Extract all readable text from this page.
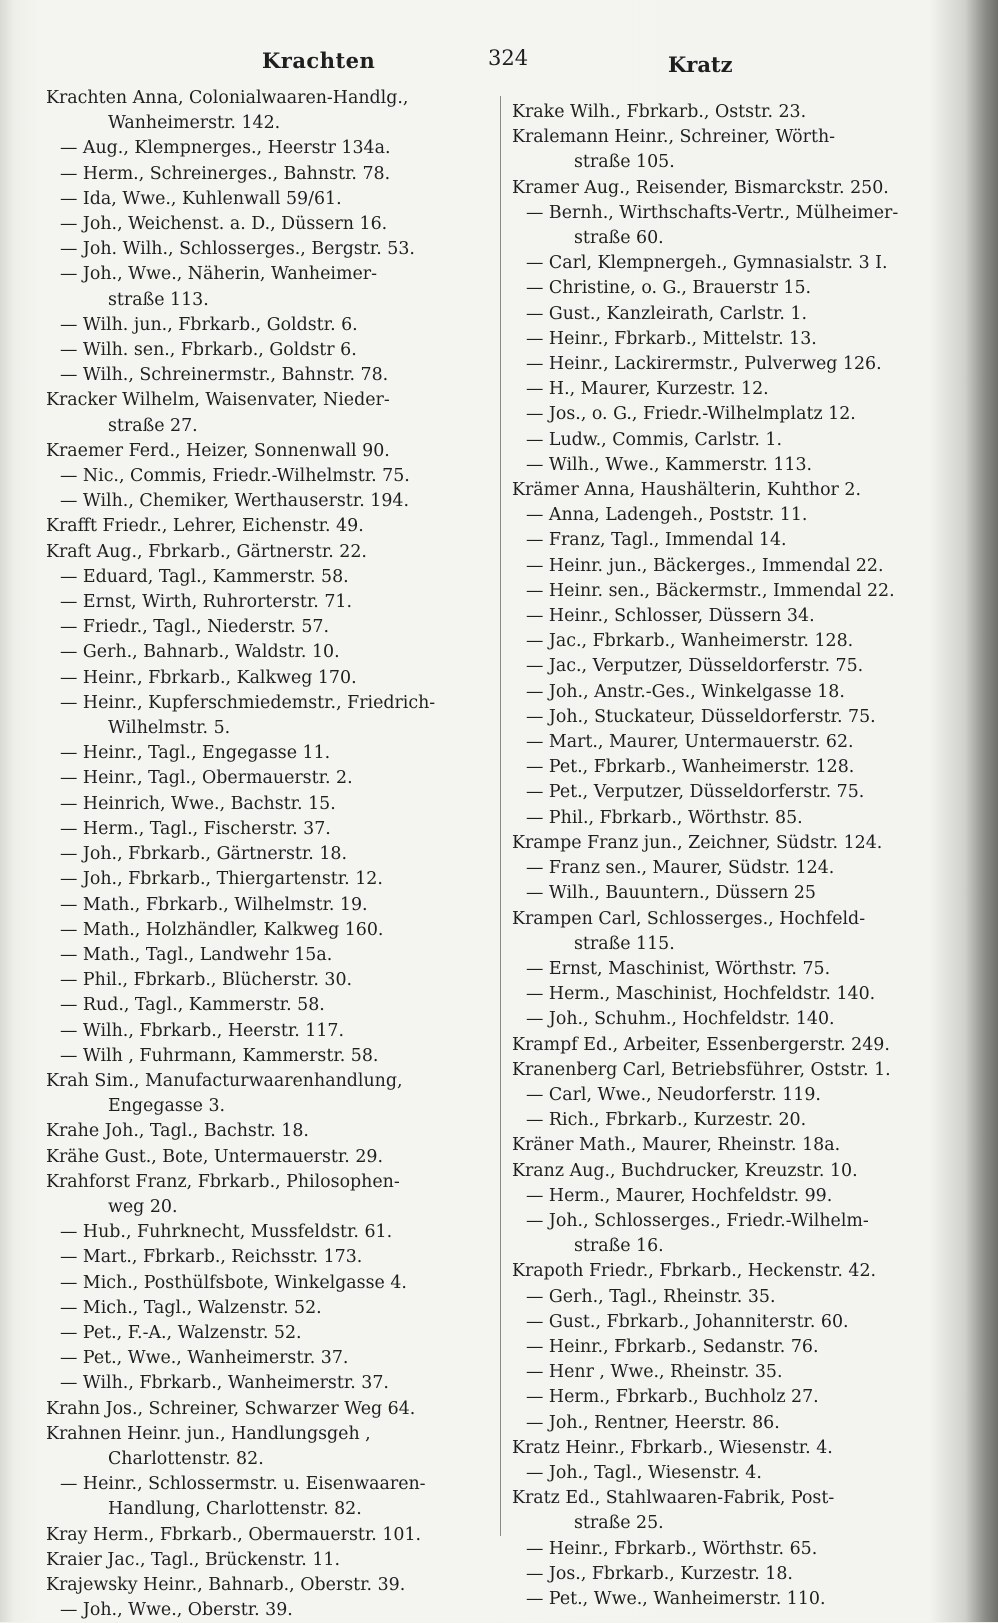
Krachten	324	Kratz
Krachten Anna, Colonialwaaren-Handlg.,
Wanheimerstr. 142.
— Aug., Klempnerges., Heerstr 134a.
— Herm., Schreinerges., Bahnstr. 78.
— Ida, Wwe., Kuhlenwall 59/61.
— Joh., Weichenst. a. D., Düssern 16.
— Joh. Wilh., Schlosserges., Bergstr. 53.
— Joh., Wwe., Näherin, Wanheimer-
straße 113.
— Wilh. jun., Fbrkarb., Goldstr. 6.
— Wilh. sen., Fbrkarb., Goldstr 6.
— Wilh., Schreinermstr., Bahnstr. 78.
Kracker Wilhelm, Waisenvater, Nieder-
straße 27.
Kraemer Ferd., Heizer, Sonnenwall 90.
— Nic., Commis, Friedr.-Wilhelmstr. 75.
— Wilh., Chemiker, Werthauserstr. 194.
Krafft Friedr., Lehrer, Eichenstr. 49.
Kraft Aug., Fbrkarb., Gärtnerstr. 22.
— Eduard, Tagl., Kammerstr. 58.
— Ernst, Wirth, Ruhrorterstr. 71.
— Friedr., Tagl., Niederstr. 57.
— Gerh., Bahnarb., Waldstr. 10.
— Heinr., Fbrkarb., Kalkweg 170.
— Heinr., Kupferschmiedemstr., Friedrich-
Wilhelmstr. 5.
— Heinr., Tagl., Engegasse 11.
— Heinr., Tagl., Obermauerstr. 2.
— Heinrich, Wwe., Bachstr. 15.
— Herm., Tagl., Fischerstr. 37.
— Joh., Fbrkarb., Gärtnerstr. 18.
— Joh., Fbrkarb., Thiergartenstr. 12.
— Math., Fbrkarb., Wilhelmstr. 19.
— Math., Holzhändler, Kalkweg 160.
— Math., Tagl., Landwehr 15a.
— Phil., Fbrkarb., Blücherstr. 30.
— Rud., Tagl., Kammerstr. 58.
— Wilh., Fbrkarb., Heerstr. 117.
— Wilh , Fuhrmann, Kammerstr. 58.
Krah Sim., Manufacturwaarenhandlung,
Engegasse 3.
Krahe Joh., Tagl., Bachstr. 18.
Krähe Gust., Bote, Untermauerstr. 29.
Krahforst Franz, Fbrkarb., Philosophen-
weg 20.
— Hub., Fuhrknecht, Mussfeldstr. 61.
— Mart., Fbrkarb., Reichsstr. 173.
— Mich., Posthülfsbote, Winkelgasse 4.
— Mich., Tagl., Walzenstr. 52.
— Pet., F.-A., Walzenstr. 52.
— Pet., Wwe., Wanheimerstr. 37.
— Wilh., Fbrkarb., Wanheimerstr. 37.
Krahn Jos., Schreiner, Schwarzer Weg 64.
Krahnen Heinr. jun., Handlungsgeh ,
Charlottenstr. 82.
— Heinr., Schlossermstr. u. Eisenwaaren-
Handlung, Charlottenstr. 82.
Kray Herm., Fbrkarb., Obermauerstr. 101.
Kraier Jac., Tagl., Brückenstr. 11.
Krajewsky Heinr., Bahnarb., Oberstr. 39.
— Joh., Wwe., Oberstr. 39.
Krake Wilh., Fbrkarb., Oststr. 23.
Kralemann Heinr., Schreiner, Wörth-
straße 105.
Kramer Aug., Reisender, Bismarckstr. 250.
— Bernh., Wirthschafts-Vertr., Mülheimer-
straße 60.
— Carl, Klempnergeh., Gymnasialstr. 3 I.
— Christine, o. G., Brauerstr 15.
— Gust., Kanzleirath, Carlstr. 1.
— Heinr., Fbrkarb., Mittelstr. 13.
— Heinr., Lackirermstr., Pulverweg 126.
— H., Maurer, Kurzestr. 12.
— Jos., o. G., Friedr.-Wilhelmplatz 12.
— Ludw., Commis, Carlstr. 1.
— Wilh., Wwe., Kammerstr. 113.
Krämer Anna, Haushälterin, Kuhthor 2.
— Anna, Ladengeh., Poststr. 11.
— Franz, Tagl., Immendal 14.
— Heinr. jun., Bäckerges., Immendal 22.
— Heinr. sen., Bäckermstr., Immendal 22.
— Heinr., Schlosser, Düssern 34.
— Jac., Fbrkarb., Wanheimerstr. 128.
— Jac., Verputzer, Düsseldorferstr. 75.
— Joh., Anstr.-Ges., Winkelgasse 18.
— Joh., Stuckateur, Düsseldorferstr. 75.
— Mart., Maurer, Untermauerstr. 62.
— Pet., Fbrkarb., Wanheimerstr. 128.
— Pet., Verputzer, Düsseldorferstr. 75.
— Phil., Fbrkarb., Wörthstr. 85.
Krampe Franz jun., Zeichner, Südstr. 124.
— Franz sen., Maurer, Südstr. 124.
— Wilh., Bauuntern., Düssern 25
Krampen Carl, Schlosserges., Hochfeld-
straße 115.
— Ernst, Maschinist, Wörthstr. 75.
— Herm., Maschinist, Hochfeldstr. 140.
— Joh., Schuhm., Hochfeldstr. 140.
Krampf Ed., Arbeiter, Essenbergerstr. 249.
Kranenberg Carl, Betriebsführer, Oststr. 1.
— Carl, Wwe., Neudorferstr. 119.
— Rich., Fbrkarb., Kurzestr. 20.
Kräner Math., Maurer, Rheinstr. 18a.
Kranz Aug., Buchdrucker, Kreuzstr. 10.
— Herm., Maurer, Hochfeldstr. 99.
— Joh., Schlosserges., Friedr.-Wilhelm-
straße 16.
Krapoth Friedr., Fbrkarb., Heckenstr. 42.
— Gerh., Tagl., Rheinstr. 35.
— Gust., Fbrkarb., Johanniterstr. 60.
— Heinr., Fbrkarb., Sedanstr. 76.
— Henr , Wwe., Rheinstr. 35.
— Herm., Fbrkarb., Buchholz 27.
— Joh., Rentner, Heerstr. 86.
Kratz Heinr., Fbrkarb., Wiesenstr. 4.
— Joh., Tagl., Wiesenstr. 4.
Kratz Ed., Stahlwaaren-Fabrik, Post-
straße 25.
— Heinr., Fbrkarb., Wörthstr. 65.
— Jos., Fbrkarb., Kurzestr. 18.
— Pet., Wwe., Wanheimerstr. 110.
